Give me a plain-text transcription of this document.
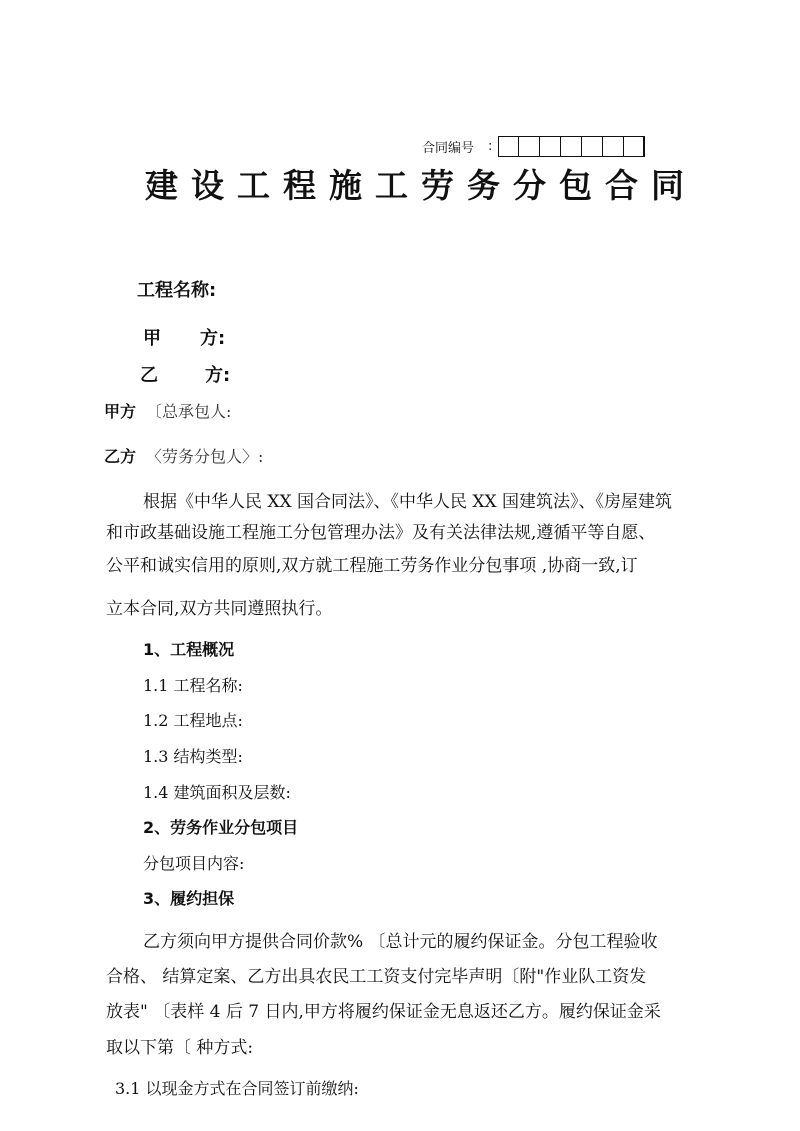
合同编号 :
建设工程施工劳务分包合同
工程名称:
甲 方:
乙	方:
甲方 〔总承包人:
乙方 〈劳务分包人〉:
根据《中华人民 XX 国合同法》、《中华人民 XX 国建筑法》、《房屋建筑
和市政基础设施工程施工分包管理办法》及有关法律法规,遵循平等自愿、
公平和诚实信用的原则,双方就工程施工劳务作业分包事项 ,协商一致,订
立本合同,双方共同遵照执行。
1、工程概况
1.1 工程名称:
1.2 工程地点:
1.3 结构类型:
1.4 建筑面积及层数:
2、劳务作业分包项目
分包项目内容:
3、履约担保
乙方须向甲方提供合同价款% 〔总计元的履约保证金。分包工程验收
合格、 结算定案、乙方出具农民工工资支付完毕声明〔附"作业队工资发
放表" 〔表样 4 后 7 日内,甲方将履约保证金无息返还乙方。履约保证金采
取以下第〔 种方式:
3.1 以现金方式在合同签订前缴纳:
